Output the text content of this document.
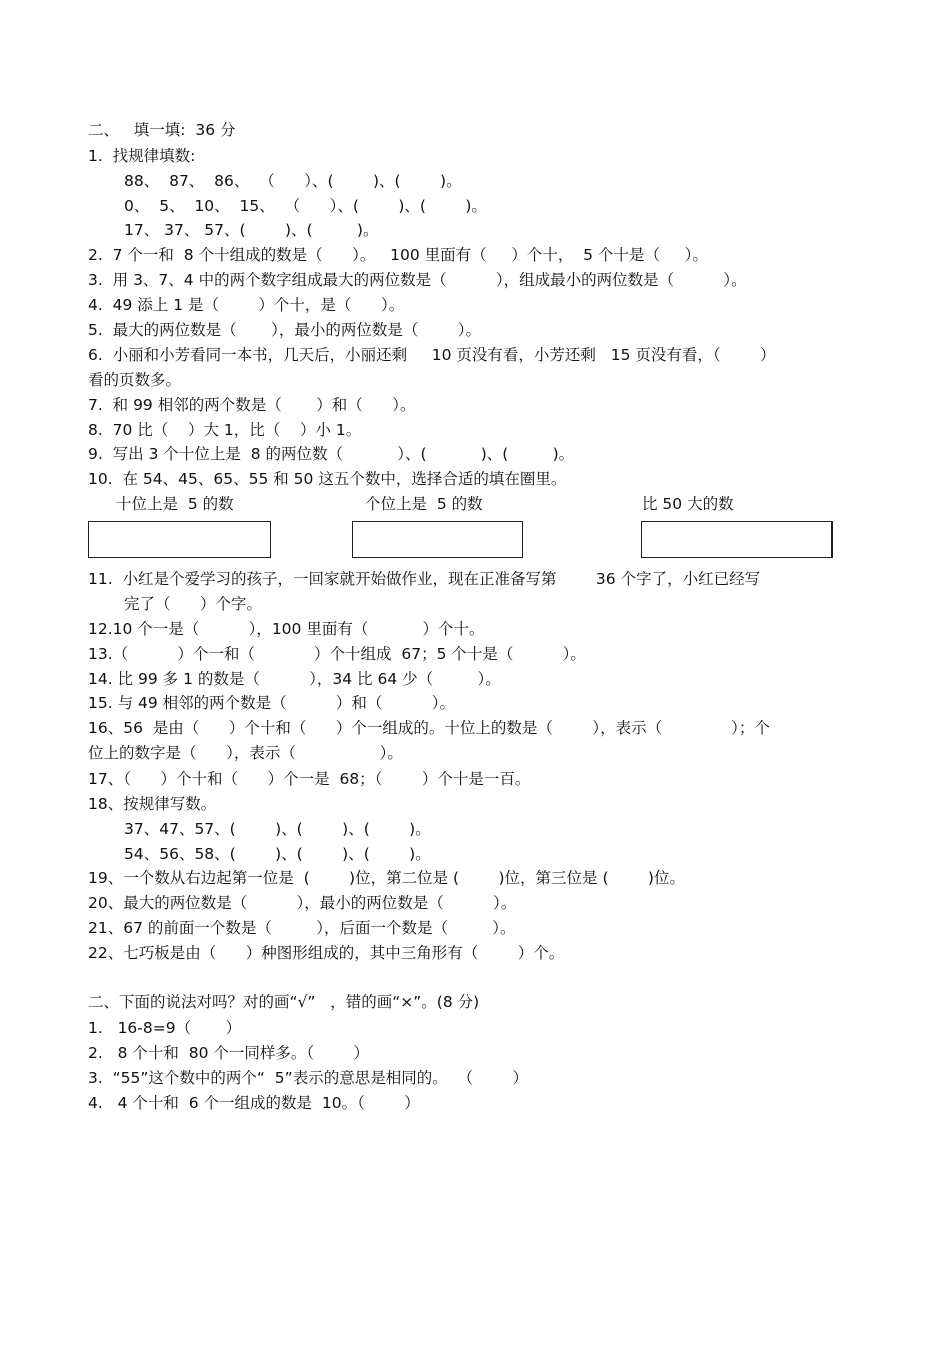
二、   填一填:  36 分
1.  找规律填数:
88、  87、  86、  （      ）、(        )、(        )。
0、  5、  10、  15、  （      ）、(        )、(        )。
17、 37、 57、(        )、(         )。
2.  7 个一和  8 个十组成的数是（      ）。   100 里面有（     ）个十，  5 个十是（     ）。
3.  用 3、7、4 中的两个数字组成最大的两位数是（          ），组成最小的两位数是（          ）。
4.  49 添上 1 是（        ）个十，是（      ）。
5.  最大的两位数是（       ），最小的两位数是（        ）。
6.  小丽和小芳看同一本书，几天后，小丽还剩     10 页没有看，小芳还剩   15 页没有看，（        ）
看的页数多。
7.  和 99 相邻的两个数是（       ）和（      ）。
8.  70 比（    ）大 1，比（    ）小 1。
9.  写出 3 个十位上是  8 的两位数（           ）、(           )、(         )。
10.  在 54、45、65、55 和 50 这五个数中，选择合适的填在圈里。
十位上是  5 的数	个位上是  5 的数	比 50 大的数
11.  小红是个爱学习的孩子，一回家就开始做作业，现在正准备写第        36 个字了，小红已经写
完了（      ）个字。
12.10 个一是（          ），100 里面有（           ）个十。
13.（          ）个一和（            ）个十组成  67；5 个十是（          ）。
14. 比 99 多 1 的数是（          ），34 比 64 少（         ）。
15. 与 49 相邻的两个数是（          ）和（          ）。
16、56  是由（      ）个十和（      ）个一组成的。十位上的数是（        ），表示（              ）；个
位上的数字是（      ），表示（                 ）。
17、（      ）个十和（      ）个一是  68；（        ）个十是一百。
18、按规律写数。
37、47、57、(        )、(        )、(        )。
54、56、58、(        )、(        )、(        )。
19、一个数从右边起第一位是  (        )位，第二位是 (        )位，第三位是 (        )位。
20、最大的两位数是（          ），最小的两位数是（          ）。
21、67 的前面一个数是（         ），后面一个数是（         ）。
22、七巧板是由（      ）种图形组成的，其中三角形有（        ）个。
二、下面的说法对吗？对的画“√”   ，错的画“×”。(8 分)
1.   16-8=9（       ）
2.   8 个十和  80 个一同样多。（        ）
3.  “55”这个数中的两个“  5”表示的意思是相同的。  （        ）
4.   4 个十和  6 个一组成的数是  10。（        ）
